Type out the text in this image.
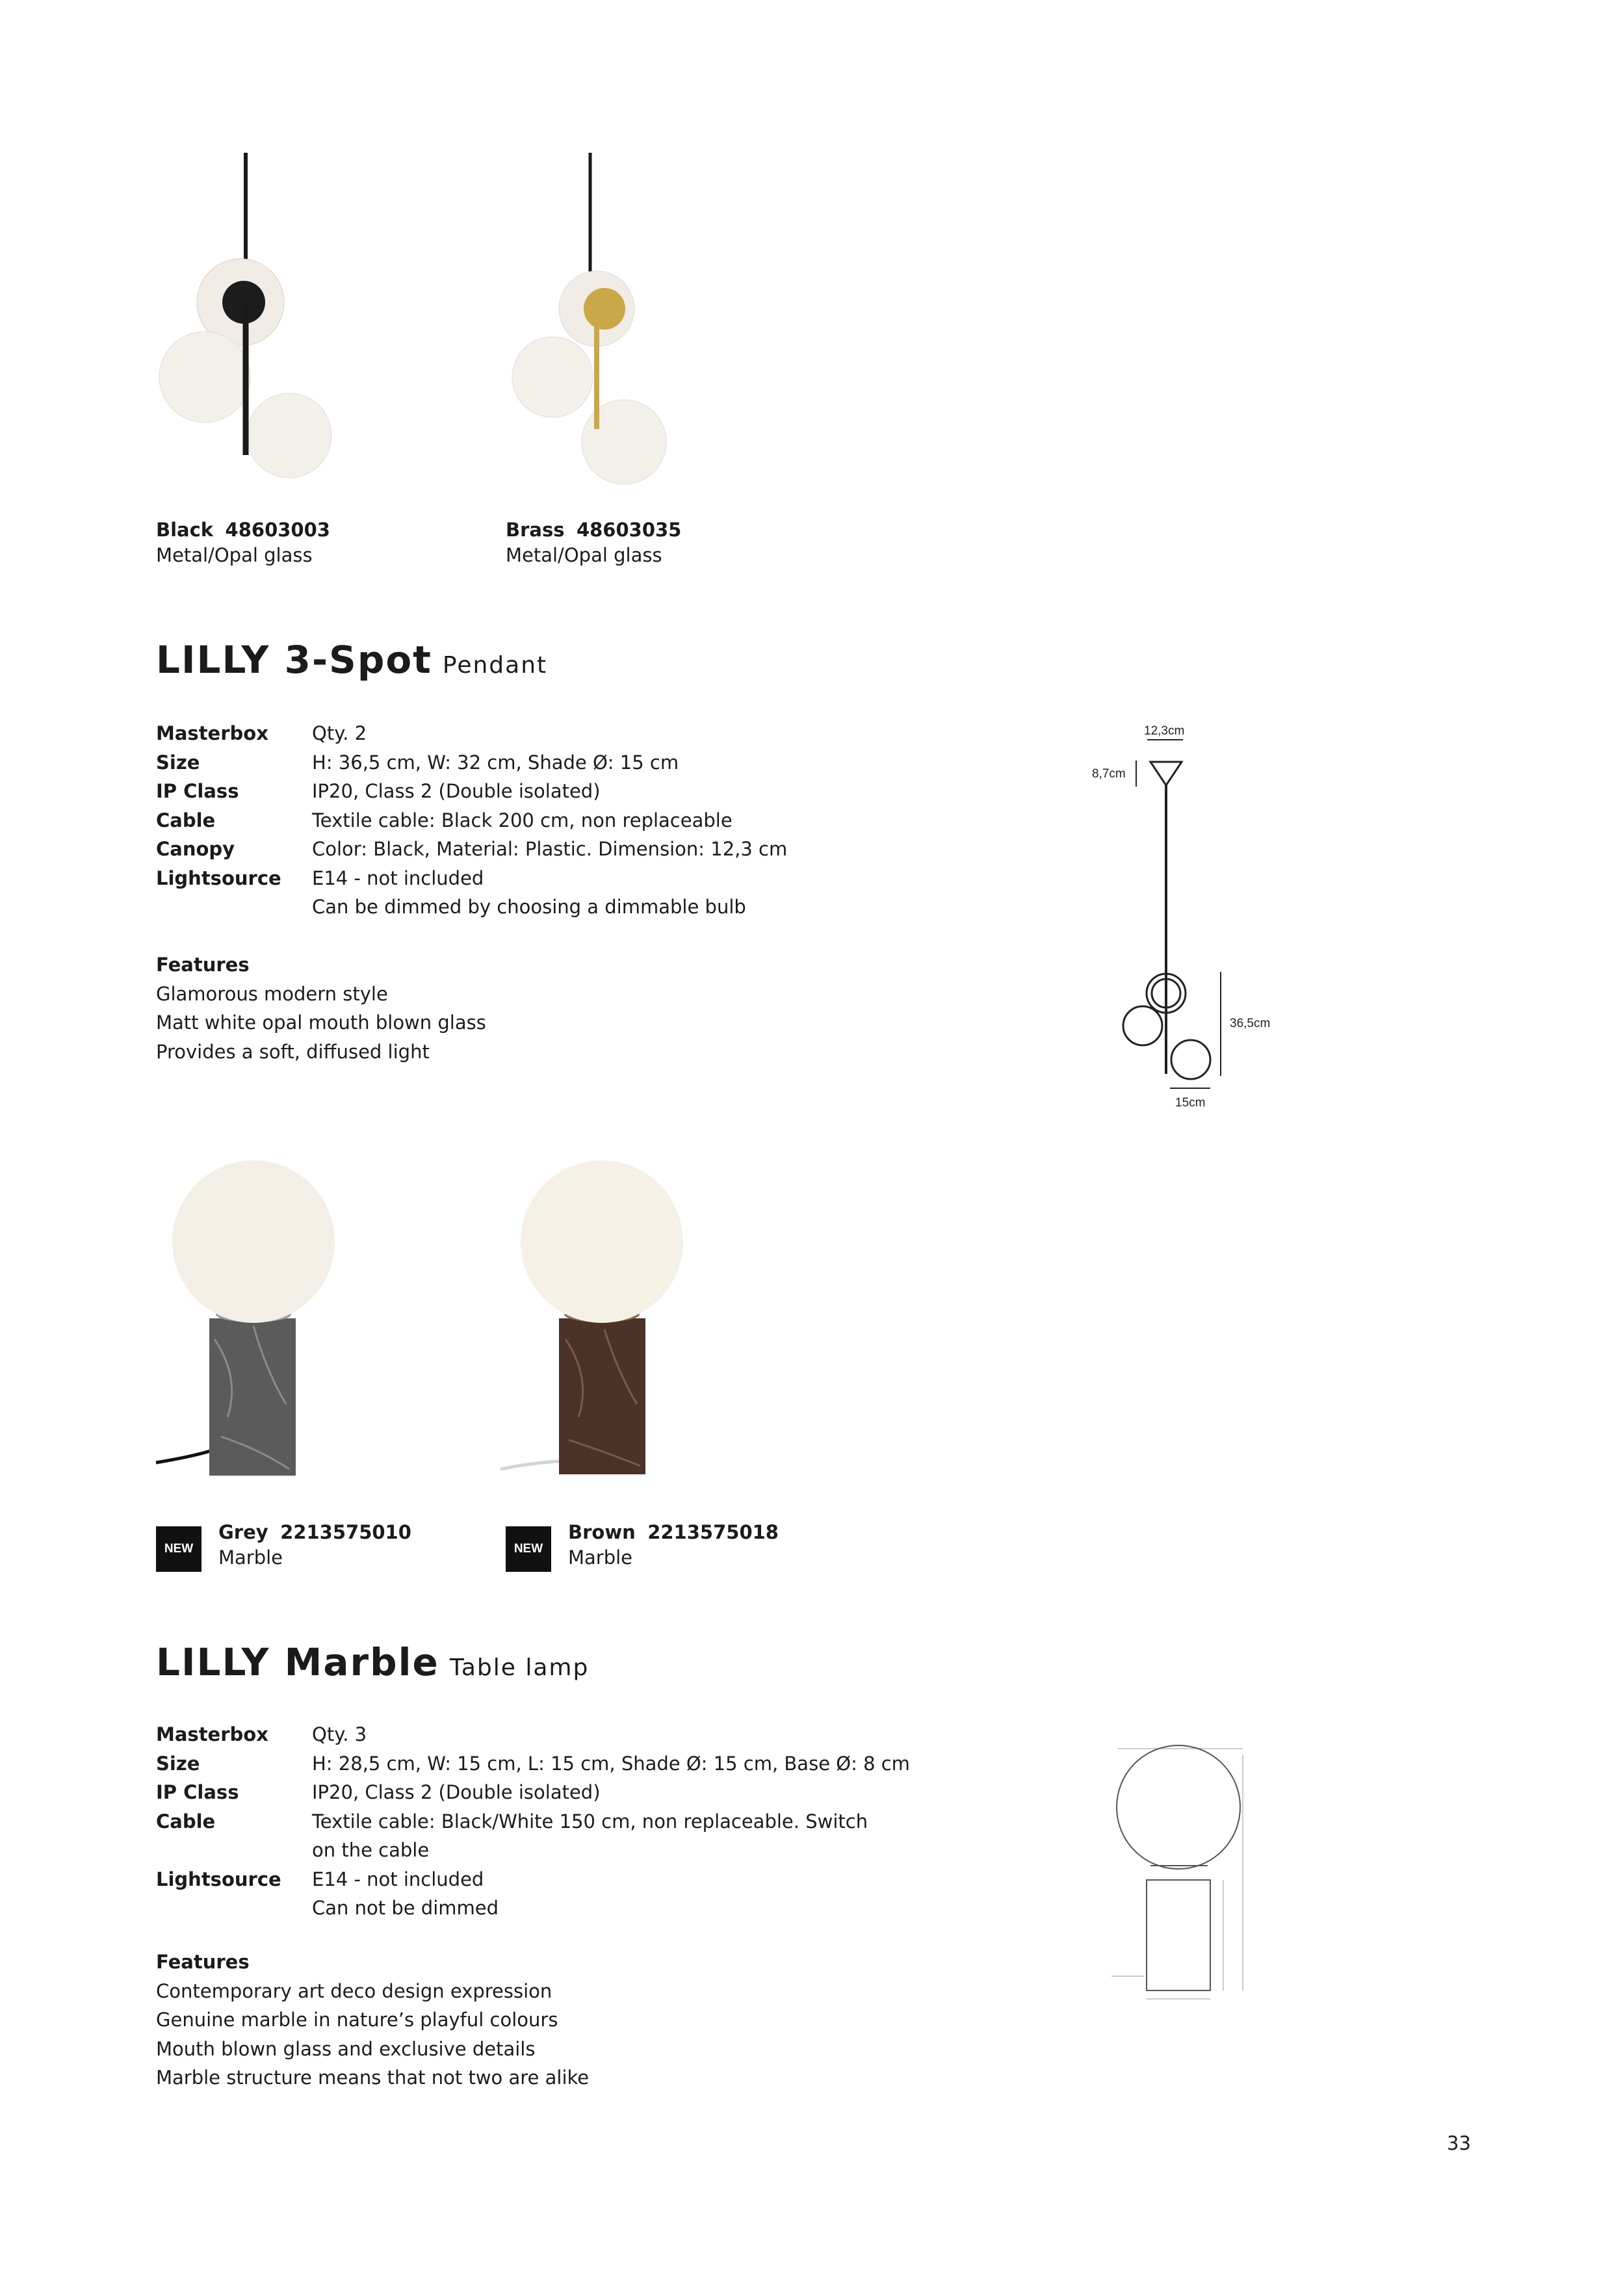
Black 48603003
Metal/Opal glass
Brass 48603035
Metal/Opal glass
LILLY 3-Spot Pendant
Masterbox	Qty. 2
Size	H: 36,5 cm, W: 32 cm, Shade Ø: 15 cm
IP Class	IP20, Class 2 (Double isolated)
Cable	Textile cable: Black 200 cm, non replaceable
Canopy	Color: Black, Material: Plastic. Dimension: 12,3 cm
Lightsource	E14 - not included
Can be dimmed by choosing a dimmable bulb
Features
Glamorous modern style
Matt white opal mouth blown glass
Provides a soft, diffused light
12,3cm
8,7cm
36,5cm
15cm
NEW
Grey 2213575010
Marble	NEW
Brown 2213575018
Marble
LILLY Marble Table lamp
Masterbox	Qty. 3
Size	H: 28,5 cm, W: 15 cm, L: 15 cm, Shade Ø: 15 cm, Base Ø: 8 cm
IP Class	IP20, Class 2 (Double isolated)
Cable	Textile cable: Black/White 150 cm, non replaceable. Switch on the cable
Lightsource	E14 - not included
Can not be dimmed
Features
Contemporary art deco design expression
Genuine marble in nature’s playful colours
Mouth blown glass and exclusive details
Marble structure means that not two are alike
33
